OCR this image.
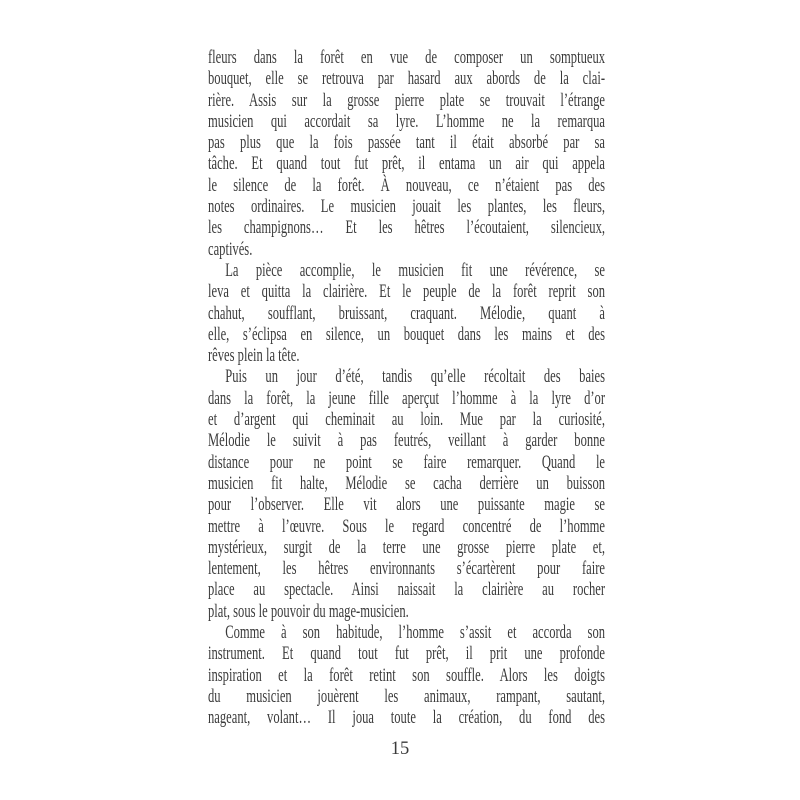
fleurs dans la forêt en vue de composer un somptueux
bouquet, elle se retrouva par hasard aux abords de la clai-
rière. Assis sur la grosse pierre plate se trouvait l’étrange
musicien qui accordait sa lyre. L’homme ne la remarqua
pas plus que la fois passée tant il était absorbé par sa
tâche. Et quand tout fut prêt, il entama un air qui appela
le silence de la forêt. À nouveau, ce n’étaient pas des
notes ordinaires. Le musicien jouait les plantes, les fleurs,
les champignons… Et les hêtres l’écoutaient, silencieux,
captivés.
La pièce accomplie, le musicien fit une révérence, se
leva et quitta la clairière. Et le peuple de la forêt reprit son
chahut, soufflant, bruissant, craquant. Mélodie, quant à
elle, s’éclipsa en silence, un bouquet dans les mains et des
rêves plein la tête.
Puis un jour d’été, tandis qu’elle récoltait des baies
dans la forêt, la jeune fille aperçut l’homme à la lyre d’or
et d’argent qui cheminait au loin. Mue par la curiosité,
Mélodie le suivit à pas feutrés, veillant à garder bonne
distance pour ne point se faire remarquer. Quand le
musicien fit halte, Mélodie se cacha derrière un buisson
pour l’observer. Elle vit alors une puissante magie se
mettre à l’œuvre. Sous le regard concentré de l’homme
mystérieux, surgit de la terre une grosse pierre plate et,
lentement, les hêtres environnants s’écartèrent pour faire
place au spectacle. Ainsi naissait la clairière au rocher
plat, sous le pouvoir du mage-musicien.
Comme à son habitude, l’homme s’assit et accorda son
instrument. Et quand tout fut prêt, il prit une profonde
inspiration et la forêt retint son souffle. Alors les doigts
du musicien jouèrent les animaux, rampant, sautant,
nageant, volant… Il joua toute la création, du fond des
15
